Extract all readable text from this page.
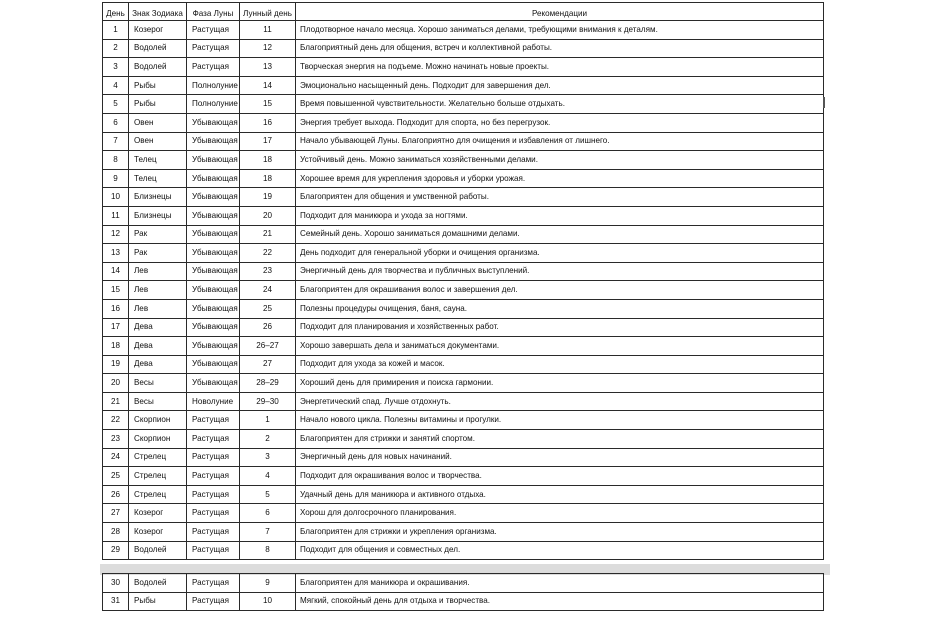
День	Знак Зодиака	Фаза Луны	Лунный день	Рекомендации
1	Козерог	Растущая	11	Плодотворное начало месяца. Хорошо заниматься делами, требующими внимания к деталям.
2	Водолей	Растущая	12	Благоприятный день для общения, встреч и коллективной работы.
3	Водолей	Растущая	13	Творческая энергия на подъеме. Можно начинать новые проекты.
4	Рыбы	Полнолуние	14	Эмоционально насыщенный день. Подходит для завершения дел.
5	Рыбы	Полнолуние	15	Время повышенной чувствительности. Желательно больше отдыхать.
6	Овен	Убывающая	16	Энергия требует выхода. Подходит для спорта, но без перегрузок.
7	Овен	Убывающая	17	Начало убывающей Луны. Благоприятно для очищения и избавления от лишнего.
8	Телец	Убывающая	18	Устойчивый день. Можно заниматься хозяйственными делами.
9	Телец	Убывающая	18	Хорошее время для укрепления здоровья и уборки урожая.
10	Близнецы	Убывающая	19	Благоприятен для общения и умственной работы.
11	Близнецы	Убывающая	20	Подходит для маникюра и ухода за ногтями.
12	Рак	Убывающая	21	Семейный день. Хорошо заниматься домашними делами.
13	Рак	Убывающая	22	День подходит для генеральной уборки и очищения организма.
14	Лев	Убывающая	23	Энергичный день для творчества и публичных выступлений.
15	Лев	Убывающая	24	Благоприятен для окрашивания волос и завершения дел.
16	Лев	Убывающая	25	Полезны процедуры очищения, баня, сауна.
17	Дева	Убывающая	26	Подходит для планирования и хозяйственных работ.
18	Дева	Убывающая	26–27	Хорошо завершать дела и заниматься документами.
19	Дева	Убывающая	27	Подходит для ухода за кожей и масок.
20	Весы	Убывающая	28–29	Хороший день для примирения и поиска гармонии.
21	Весы	Новолуние	29–30	Энергетический спад. Лучше отдохнуть.
22	Скорпион	Растущая	1	Начало нового цикла. Полезны витамины и прогулки.
23	Скорпион	Растущая	2	Благоприятен для стрижки и занятий спортом.
24	Стрелец	Растущая	3	Энергичный день для новых начинаний.
25	Стрелец	Растущая	4	Подходит для окрашивания волос и творчества.
26	Стрелец	Растущая	5	Удачный день для маникюра и активного отдыха.
27	Козерог	Растущая	6	Хорош для долгосрочного планирования.
28	Козерог	Растущая	7	Благоприятен для стрижки и укрепления организма.
29	Водолей	Растущая	8	Подходит для общения и совместных дел.
30	Водолей	Растущая	9	Благоприятен для маникюра и окрашивания.
31	Рыбы	Растущая	10	Мягкий, спокойный день для отдыха и творчества.
